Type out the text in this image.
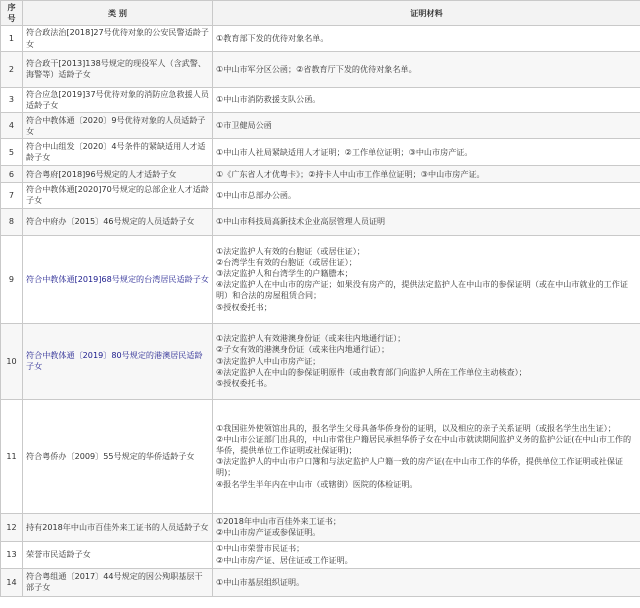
序号	类 别	证明材料
1	符合政法治[2018]27号优待对象的公安民警适龄子女	①教育部下发的优待对象名单。

2	符合政干[2013]138号规定的现役军人（含武警、海警等）适龄子女	①中山市军分区公函；②省教育厅下发的优待对象名单。

3	符合应急[2019]37号优待对象的消防应急救援人员适龄子女	①中山市消防救援支队公函。

4	符合中教体通〔2020〕9号优待对象的人员适龄子女	①市卫健局公函

5	符合中山组发〔2020〕4号条件的紧缺适用人才适龄子女	①中山市人社局紧缺适用人才证明；②工作单位证明；③中山市房产证。

6	符合粤府[2018]96号规定的人才适龄子女	①《广东省人才优粤卡》；②持卡人中山市工作单位证明；③中山市房产证。

7	符合中教体通[2020]70号规定的总部企业人才适龄子女	①中山市总部办公函。

8	符合中府办〔2015〕46号规定的人员适龄子女	①中山市科技局高新技术企业高层管理人员证明

9	符合中教体通[2019]68号规定的台湾居民适龄子女	①法定监护人有效的台胞证（或居住证）；
②台湾学生有效的台胞证（或居住证）；
③法定监护人和台湾学生的户籍謄本；
④法定监护人在中山市的房产证；如果没有房产的，提供法定监护人在中山市的参保证明（或在中山市就业的工作证明）和合法的房屋租赁合同；
⑤授权委托书；

10	符合中教体通〔2019〕80号规定的港澳居民适龄子女	①法定监护人有效港澳身份证（或来往内地通行证）；
②子女有效的港澳身份证（或来往内地通行证）；
③法定监护人中山市房产证；
④法定监护人在中山的参保证明原件（或由教育部门向监护人所在工作单位主动核查）；
⑤授权委托书。

11	符合粤侨办〔2009〕55号规定的华侨适龄子女	①我国驻外使领馆出具的，报名学生父母具备华侨身份的证明，以及相应的亲子关系证明（或报名学生出生证）；
②中山市公证部门出具的，中山市常住户籍居民承担华侨子女在中山市就读期间监护义务的监护公证(在中山市工作的华侨，提供单位工作证明或社保证明)；
③法定监护人的中山市户口簿和与法定监护人户籍一致的房产证(在中山市工作的华侨，提供单位工作证明或社保证明)；
④报名学生半年内在中山市（或辖街）医院的体检证明。

12	持有2018年中山市百佳外来工证书的人员适龄子女	①2018年中山市百佳外来工证书；
②中山市房产证或参保证明。

13	荣誉市民适龄子女	①中山市荣誉市民证书；
②中山市房产证、居住证或工作证明。

14	符合粤组通〔2017〕44号规定的因公殉职基层干部子女	①中山市基层组织证明。
